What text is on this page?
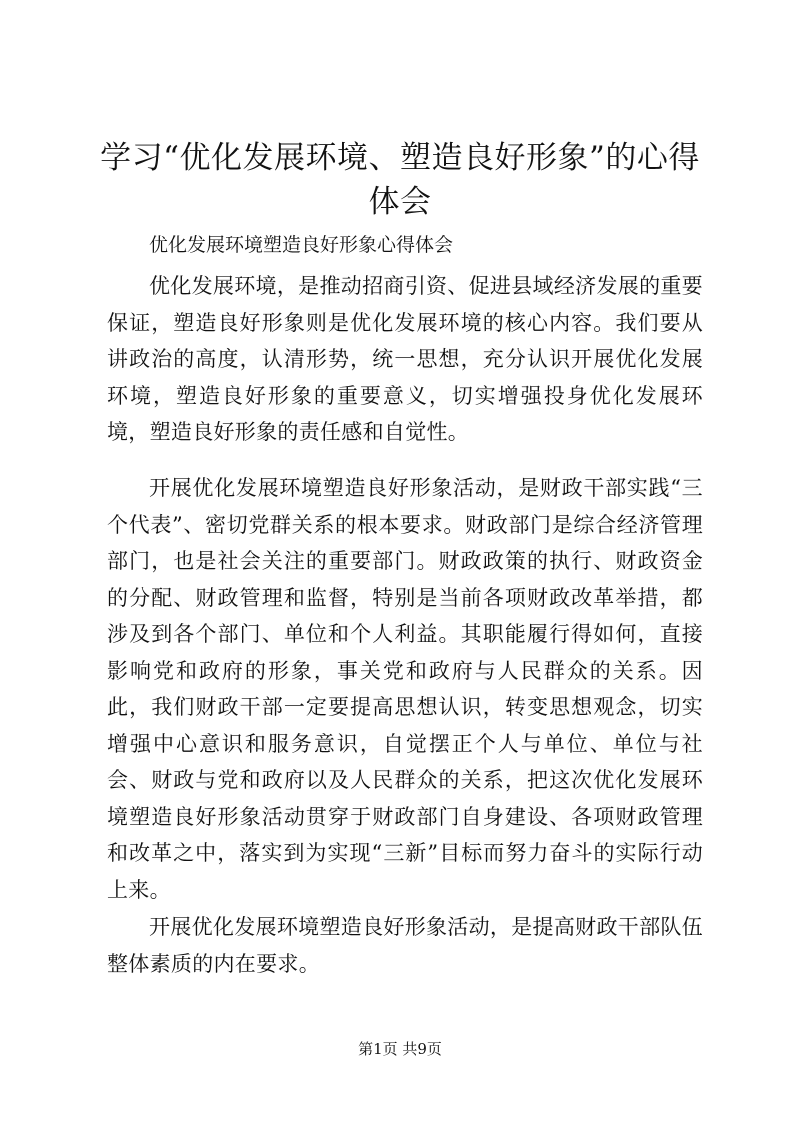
学习“优化发展环境、塑造良好形象”的心得体会

优化发展环境塑造良好形象心得体会

优化发展环境，是推动招商引资、促进县域经济发展的重要保证，塑造良好形象则是优化发展环境的核心内容。我们要从讲政治的高度，认清形势，统一思想，充分认识开展优化发展环境，塑造良好形象的重要意义，切实增强投身优化发展环境，塑造良好形象的责任感和自觉性。

开展优化发展环境塑造良好形象活动，是财政干部实践“三个代表”、密切党群关系的根本要求。财政部门是综合经济管理部门，也是社会关注的重要部门。财政政策的执行、财政资金的分配、财政管理和监督，特别是当前各项财政改革举措，都涉及到各个部门、单位和个人利益。其职能履行得如何，直接影响党和政府的形象，事关党和政府与人民群众的关系。因此，我们财政干部一定要提高思想认识，转变思想观念，切实增强中心意识和服务意识，自觉摆正个人与单位、单位与社会、财政与党和政府以及人民群众的关系，把这次优化发展环境塑造良好形象活动贯穿于财政部门自身建设、各项财政管理和改革之中，落实到为实现“三新”目标而努力奋斗的实际行动上来。

开展优化发展环境塑造良好形象活动，是提高财政干部队伍整体素质的内在要求。

第1页 共9页
